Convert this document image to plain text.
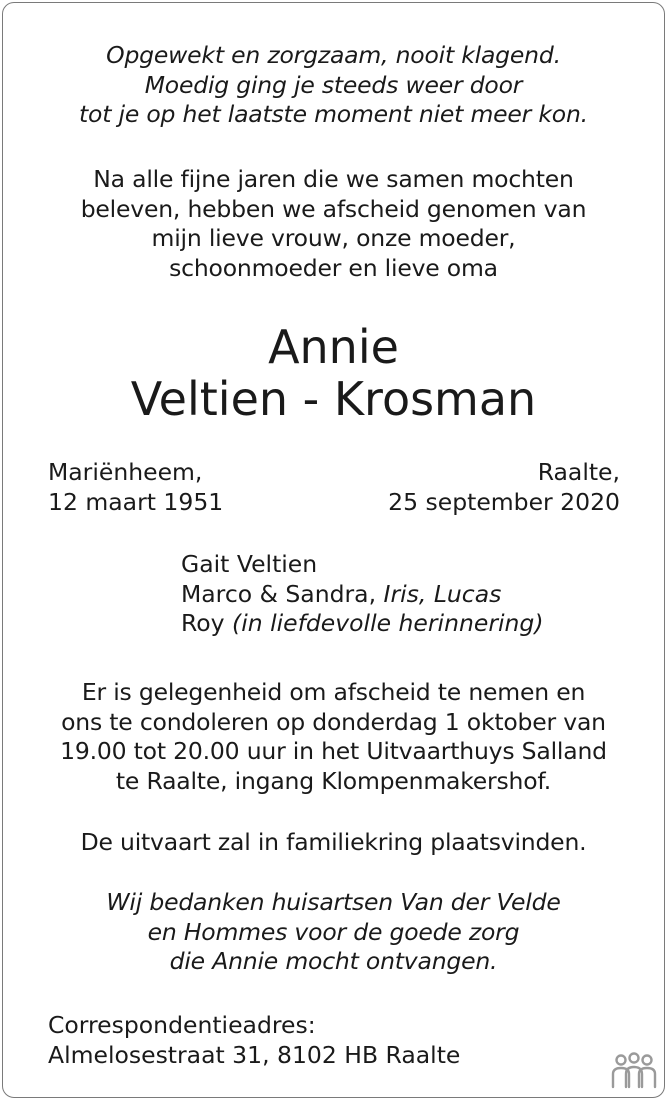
Opgewekt en zorgzaam, nooit klagend.

Moedig ging je steeds weer door

tot je op het laatste moment niet meer kon.

Na alle fijne jaren die we samen mochten

beleven, hebben we afscheid genomen van

mijn lieve vrouw, onze moeder,

schoonmoeder en lieve oma

Annie

Veltien - Krosman

Mariënheem,
12 maart 1951
Raalte,
25 september 2020

Gait Veltien

Marco & Sandra, Iris, Lucas

Roy (in liefdevolle herinnering)

Er is gelegenheid om afscheid te nemen en

ons te condoleren op donderdag 1 oktober van

19.00 tot 20.00 uur in het Uitvaarthuys Salland

te Raalte, ingang Klompenmakershof.

De uitvaart zal in familiekring plaatsvinden.

Wij bedanken huisartsen Van der Velde

en Hommes voor de goede zorg

die Annie mocht ontvangen.

Correspondentieadres:

Almelosestraat 31, 8102 HB Raalte
